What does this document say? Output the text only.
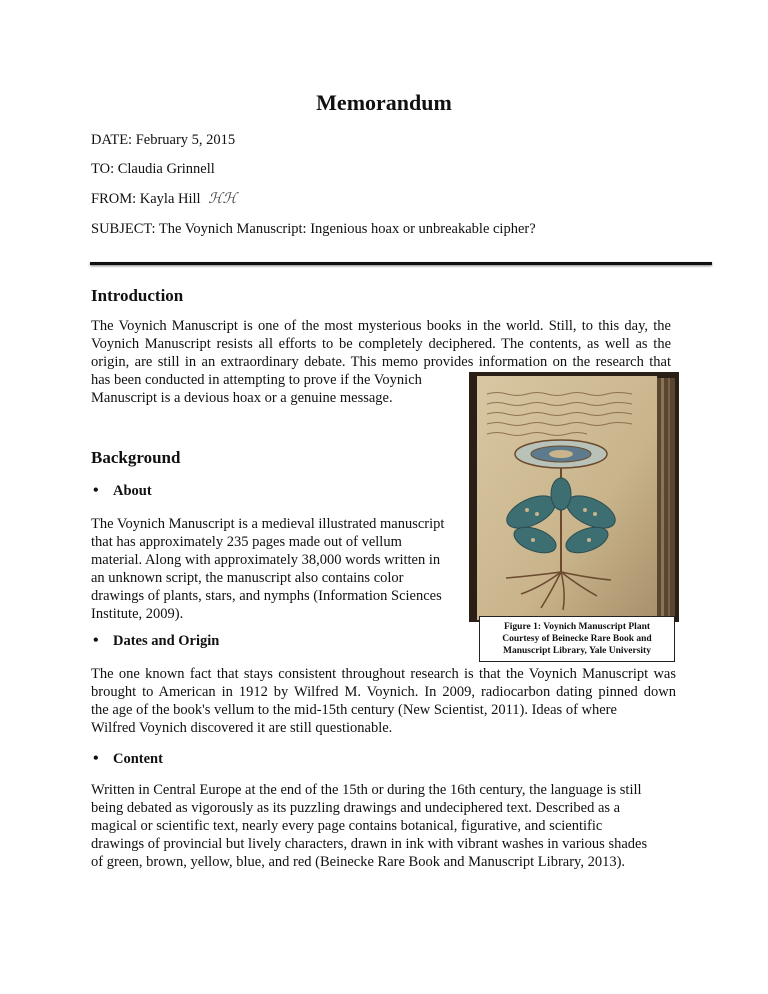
Memorandum
DATE: February 5, 2015
TO: Claudia Grinnell
FROM: Kayla Hill ℋℋ
SUBJECT: The Voynich Manuscript: Ingenious hoax or unbreakable cipher?
Introduction
The Voynich Manuscript is one of the most mysterious books in the world. Still, to this day, the
Voynich Manuscript resists all efforts to be completely deciphered. The contents, as well as the
origin, are still in an extraordinary debate. This memo provides information on the research that
has been conducted in attempting to prove if the Voynich
Manuscript is a devious hoax or a genuine message.
Background
• About
The Voynich Manuscript is a medieval illustrated manuscript
that has approximately 235 pages made out of vellum
material. Along with approximately 38,000 words written in
an unknown script, the manuscript also contains color
drawings of plants, stars, and nymphs (Information Sciences
Institute, 2009).
• Dates and Origin
The one known fact that stays consistent throughout research is that the Voynich Manuscript was
brought to American in 1912 by Wilfred M. Voynich. In 2009, radiocarbon dating pinned down
the age of the book's vellum to the mid-15th century (New Scientist, 2011). Ideas of where
Wilfred Voynich discovered it are still questionable.
• Content
Written in Central Europe at the end of the 15th or during the 16th century, the language is still
being debated as vigorously as its puzzling drawings and undeciphered text. Described as a
magical or scientific text, nearly every page contains botanical, figurative, and scientific
drawings of provincial but lively characters, drawn in ink with vibrant washes in various shades
of green, brown, yellow, blue, and red (Beinecke Rare Book and Manuscript Library, 2013).
Figure 1: Voynich Manuscript Plant
Courtesy of Beinecke Rare Book and
Manuscript Library, Yale University
